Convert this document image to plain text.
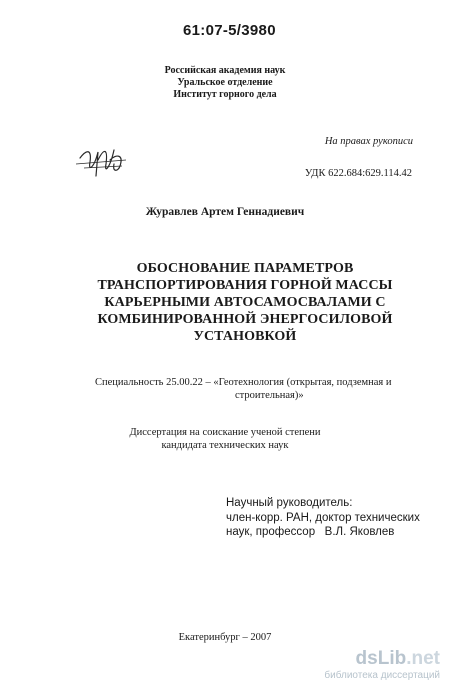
61:07-5/3980
Российская академия наук
Уральское отделение
Институт горного дела
На правах рукописи
УДК 622.684:629.114.42
Журавлев Артем Геннадиевич
ОБОСНОВАНИЕ ПАРАМЕТРОВ
ТРАНСПОРТИРОВАНИЯ ГОРНОЙ МАССЫ
КАРЬЕРНЫМИ АВТОСАМОСВАЛАМИ С
КОМБИНИРОВАННОЙ ЭНЕРГОСИЛОВОЙ
УСТАНОВКОЙ
Специальность 25.00.22 – «Геотехнология (открытая, подземная и
строительная)»
Диссертация на соискание ученой степени
кандидата технических наук
Научный руководитель:
член-корр. РАН, доктор технических
наук, профессор   В.Л. Яковлев
Екатеринбург – 2007
dsLib.net
библиотека диссертаций
